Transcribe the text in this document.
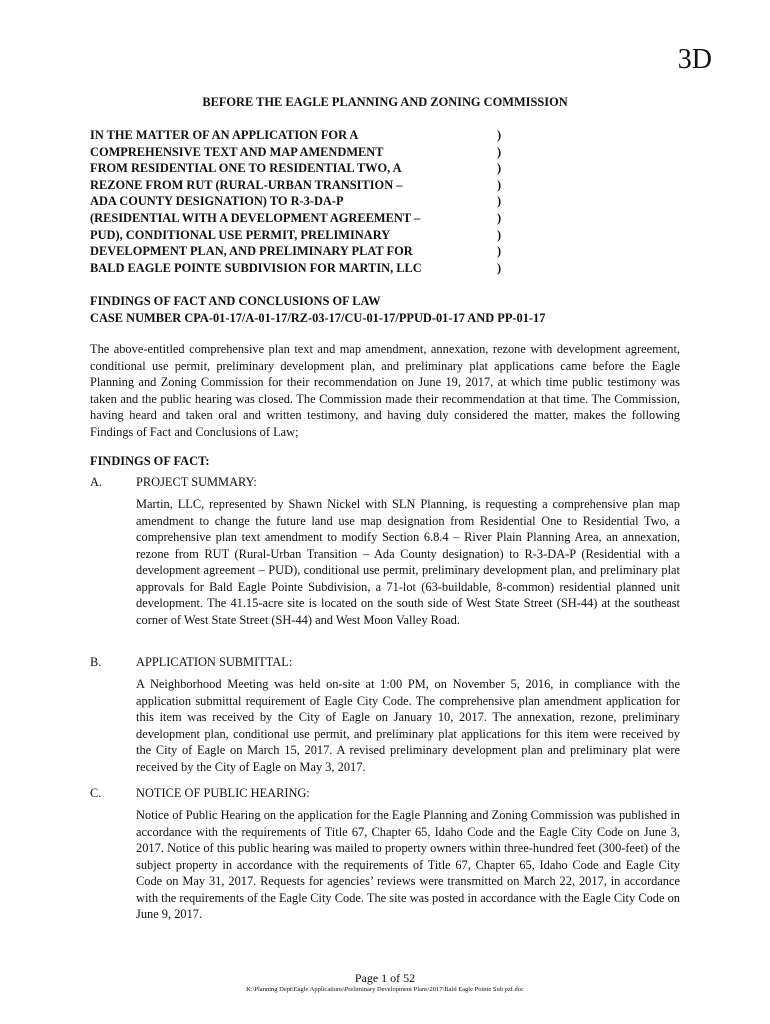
3D
BEFORE THE EAGLE PLANNING AND ZONING COMMISSION
IN THE MATTER OF AN APPLICATION FOR A	)
COMPREHENSIVE TEXT AND MAP AMENDMENT	)
FROM RESIDENTIAL ONE TO RESIDENTIAL TWO, A	)
REZONE FROM RUT (RURAL-URBAN TRANSITION –	)
ADA COUNTY DESIGNATION) TO R-3-DA-P	)
(RESIDENTIAL WITH A DEVELOPMENT AGREEMENT –	)
PUD), CONDITIONAL USE PERMIT, PRELIMINARY	)
DEVELOPMENT PLAN, AND PRELIMINARY PLAT FOR	)
BALD EAGLE POINTE SUBDIVISION FOR MARTIN, LLC	)
FINDINGS OF FACT AND CONCLUSIONS OF LAW
CASE NUMBER CPA-01-17/A-01-17/RZ-03-17/CU-01-17/PPUD-01-17 AND PP-01-17
The above-entitled comprehensive plan text and map amendment, annexation, rezone with development agreement, conditional use permit, preliminary development plan, and preliminary plat applications came before the Eagle Planning and Zoning Commission for their recommendation on June 19, 2017, at which time public testimony was taken and the public hearing was closed. The Commission made their recommendation at that time. The Commission, having heard and taken oral and written testimony, and having duly considered the matter, makes the following Findings of Fact and Conclusions of Law;
FINDINGS OF FACT:
A.	PROJECT SUMMARY:
Martin, LLC, represented by Shawn Nickel with SLN Planning, is requesting a comprehensive plan map amendment to change the future land use map designation from Residential One to Residential Two, a comprehensive plan text amendment to modify Section 6.8.4 – River Plain Planning Area, an annexation, rezone from RUT (Rural-Urban Transition – Ada County designation) to R-3-DA-P (Residential with a development agreement – PUD), conditional use permit, preliminary development plan, and preliminary plat approvals for Bald Eagle Pointe Subdivision, a 71-lot (63-buildable, 8-common) residential planned unit development. The 41.15-acre site is located on the south side of West State Street (SH-44) at the southeast corner of West State Street (SH-44) and West Moon Valley Road.
B.	APPLICATION SUBMITTAL:
A Neighborhood Meeting was held on-site at 1:00 PM, on November 5, 2016, in compliance with the application submittal requirement of Eagle City Code. The comprehensive plan amendment application for this item was received by the City of Eagle on January 10, 2017. The annexation, rezone, preliminary development plan, conditional use permit, and preliminary plat applications for this item were received by the City of Eagle on March 15, 2017. A revised preliminary development plan and preliminary plat were received by the City of Eagle on May 3, 2017.
C.	NOTICE OF PUBLIC HEARING:
Notice of Public Hearing on the application for the Eagle Planning and Zoning Commission was published in accordance with the requirements of Title 67, Chapter 65, Idaho Code and the Eagle City Code on June 3, 2017. Notice of this public hearing was mailed to property owners within three-hundred feet (300-feet) of the subject property in accordance with the requirements of Title 67, Chapter 65, Idaho Code and Eagle City Code on May 31, 2017. Requests for agencies’ reviews were transmitted on March 22, 2017, in accordance with the requirements of the Eagle City Code. The site was posted in accordance with the Eagle City Code on June 9, 2017.
Page 1 of 52
K:\Planning Dept\Eagle Applications\Preliminary Development Plans\2017\Bald Eagle Pointe Sub pzf.doc
